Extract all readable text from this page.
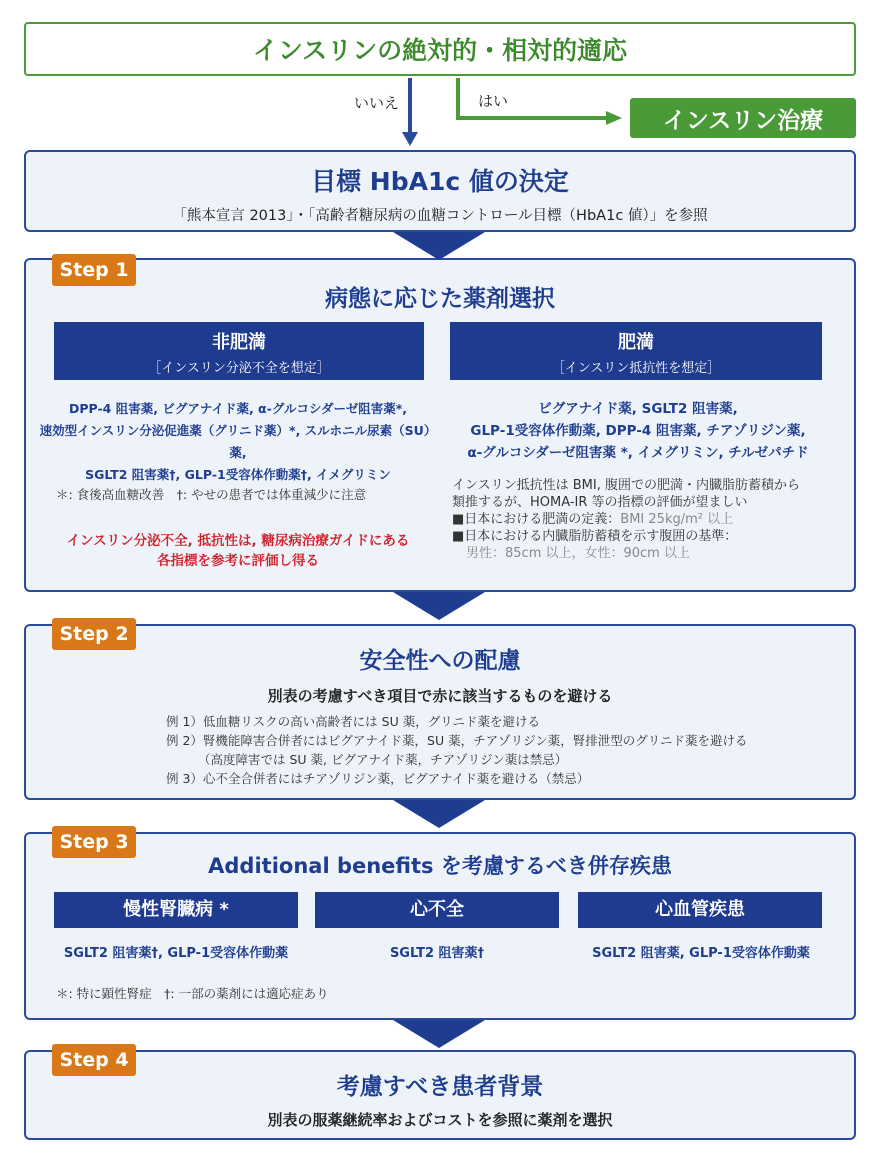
インスリンの絶対的・相対的適応
いいえ	はい
インスリン治療
目標 HbA1c 値の決定
「熊本宣言 2013」・「高齢者糖尿病の血糖コントロール目標（HbA1c 値）」を参照
Step 1
病態に応じた薬剤選択
非肥満
［インスリン分泌不全を想定］
DPP-4 阻害薬, ビグアナイド薬, α-グルコシダーゼ阻害薬*,
速効型インスリン分泌促進薬（グリニド薬）*, スルホニル尿素（SU）薬,
SGLT2 阻害薬†, GLP-1受容体作動薬†, イメグリミン
＊: 食後高血糖改善　†: やせの患者では体重減少に注意
インスリン分泌不全, 抵抗性は, 糖尿病治療ガイドにある
各指標を参考に評価し得る
肥満
［インスリン抵抗性を想定］
ビグアナイド薬, SGLT2 阻害薬,
GLP-1受容体作動薬, DPP-4 阻害薬, チアゾリジン薬,
α-グルコシダーゼ阻害薬 *, イメグリミン, チルゼパチド
インスリン抵抗性は BMI, 腹囲での肥満・内臓脂肪蓄積から
類推するが、HOMA-IR 等の指標の評価が望ましい
■日本における肥満の定義：BMI 25kg/m² 以上
■日本における内臓脂肪蓄積を示す腹囲の基準：
男性：85cm 以上，女性：90cm 以上
Step 2
安全性への配慮
別表の考慮すべき項目で赤に該当するものを避ける
例 1）低血糖リスクの高い高齢者には SU 薬，グリニド薬を避ける
例 2）腎機能障害合併者にはビグアナイド薬，SU 薬，チアゾリジン薬，腎排泄型のグリニド薬を避ける
（高度障害では SU 薬, ビグアナイド薬，チアゾリジン薬は禁忌）
例 3）心不全合併者にはチアゾリジン薬，ビグアナイド薬を避ける（禁忌）
Step 3
Additional benefits を考慮するべき併存疾患
慢性腎臓病 *	心不全	心血管疾患
SGLT2 阻害薬†, GLP-1受容体作動薬	SGLT2 阻害薬†	SGLT2 阻害薬, GLP-1受容体作動薬
＊: 特に顕性腎症　†: 一部の薬剤には適応症あり
Step 4
考慮すべき患者背景
別表の服薬継続率およびコストを参照に薬剤を選択
